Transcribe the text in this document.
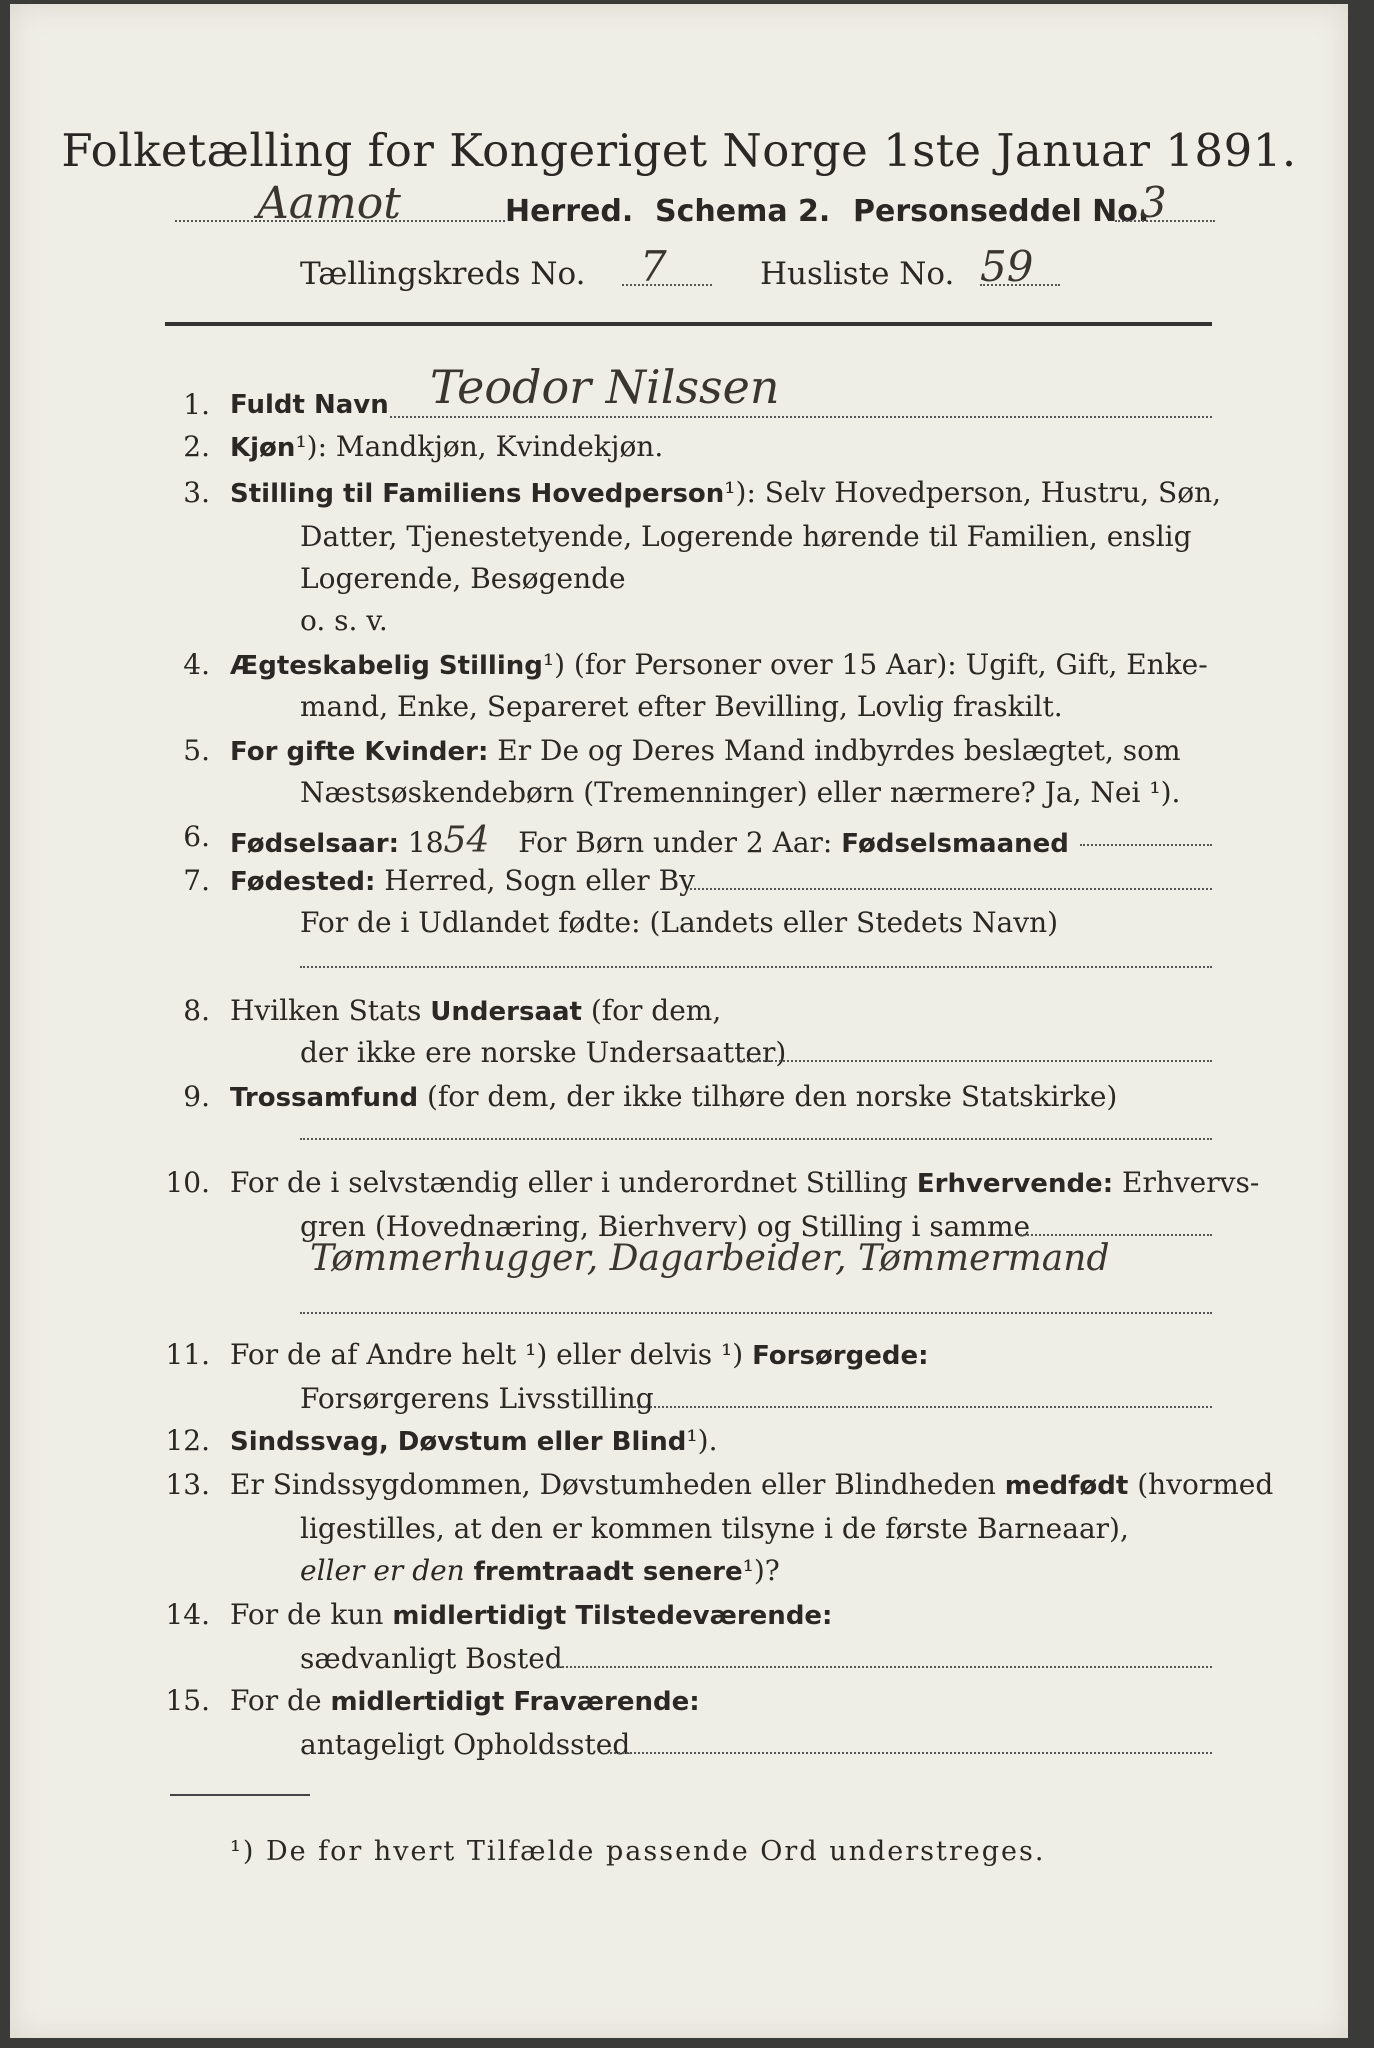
Folketælling for Kongeriget Norge 1ste Januar 1891.
Aamot	Herred. Schema 2. Personseddel No.
3
Tællingskreds No. 7	Husliste No. 59
1. Fuldt Navn Teodor Nilssen
2. Kjøn¹): Mandkjøn, Kvindekjøn.
3. Stilling til Familiens Hovedperson¹): Selv Hovedperson, Hustru, Søn,
Datter, Tjenestetyende, Logerende hørende til Familien, enslig
Logerende, Besøgende
o. s. v.
4. Ægteskabelig Stilling¹) (for Personer over 15 Aar): Ugift, Gift, Enke-
mand, Enke, Separeret efter Bevilling, Lovlig fraskilt.
5. For gifte Kvinder: Er De og Deres Mand indbyrdes beslægtet, som
Næstsøskendebørn (Tremenninger) eller nærmere? Ja, Nei ¹).
6. Fødselsaar: 1854 For Børn under 2 Aar: Fødselsmaaned
7. Fødested: Herred, Sogn eller By
For de i Udlandet fødte: (Landets eller Stedets Navn)
8. Hvilken Stats Undersaat (for dem,
der ikke ere norske Undersaatter)
9. Trossamfund (for dem, der ikke tilhøre den norske Statskirke)
10. For de i selvstændig eller i underordnet Stilling Erhvervende: Erhvervs-
gren (Hovednæring, Bierhverv) og Stilling i samme
Tømmerhugger, Dagarbeider, Tømmermand
11. For de af Andre helt ¹) eller delvis ¹) Forsørgede:
Forsørgerens Livsstilling
12. Sindssvag, Døvstum eller Blind¹).
13. Er Sindssygdommen, Døvstumheden eller Blindheden medfødt (hvormed
ligestilles, at den er kommen tilsyne i de første Barneaar),
eller er den fremtraadt senere¹)?
14. For de kun midlertidigt Tilstedeværende:
sædvanligt Bosted
15. For de midlertidigt Fraværende:
antageligt Opholdssted
¹) De for hvert Tilfælde passende Ord understreges.
